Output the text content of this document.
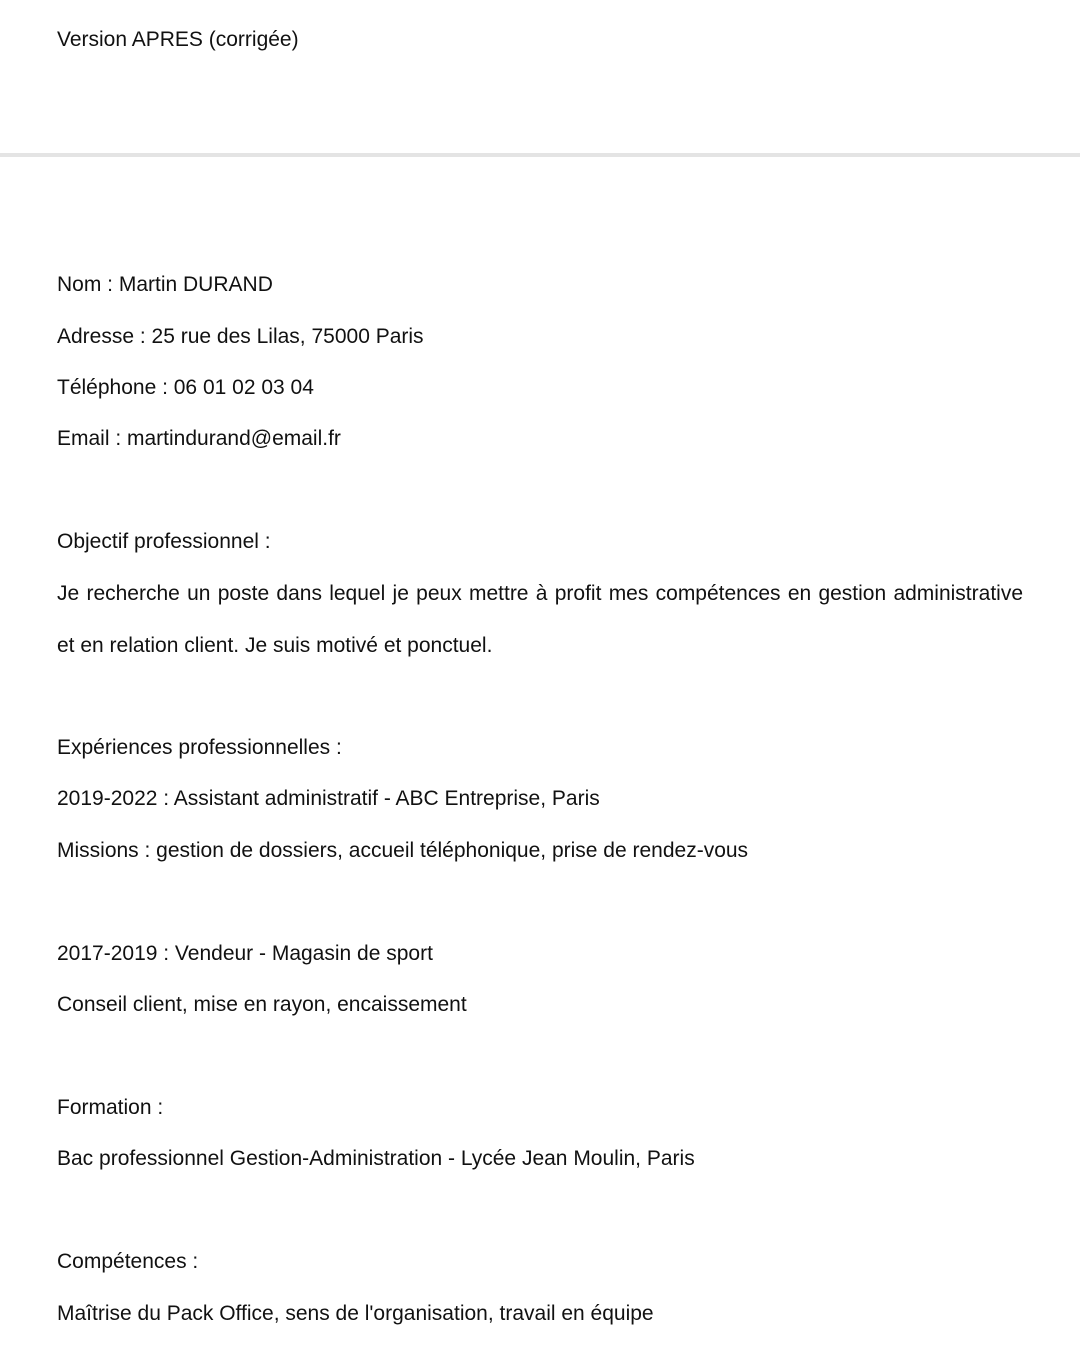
Version APRES (corrigée)
Nom : Martin DURAND
Adresse : 25 rue des Lilas, 75000 Paris
Téléphone : 06 01 02 03 04
Email : martindurand@email.fr
Objectif professionnel :
Je recherche un poste dans lequel je peux mettre à profit mes compétences en gestion administrative et en relation client. Je suis motivé et ponctuel.
Expériences professionnelles :
2019-2022 : Assistant administratif - ABC Entreprise, Paris
Missions : gestion de dossiers, accueil téléphonique, prise de rendez-vous
2017-2019 : Vendeur - Magasin de sport
Conseil client, mise en rayon, encaissement
Formation :
Bac professionnel Gestion-Administration - Lycée Jean Moulin, Paris
Compétences :
Maîtrise du Pack Office, sens de l'organisation, travail en équipe
